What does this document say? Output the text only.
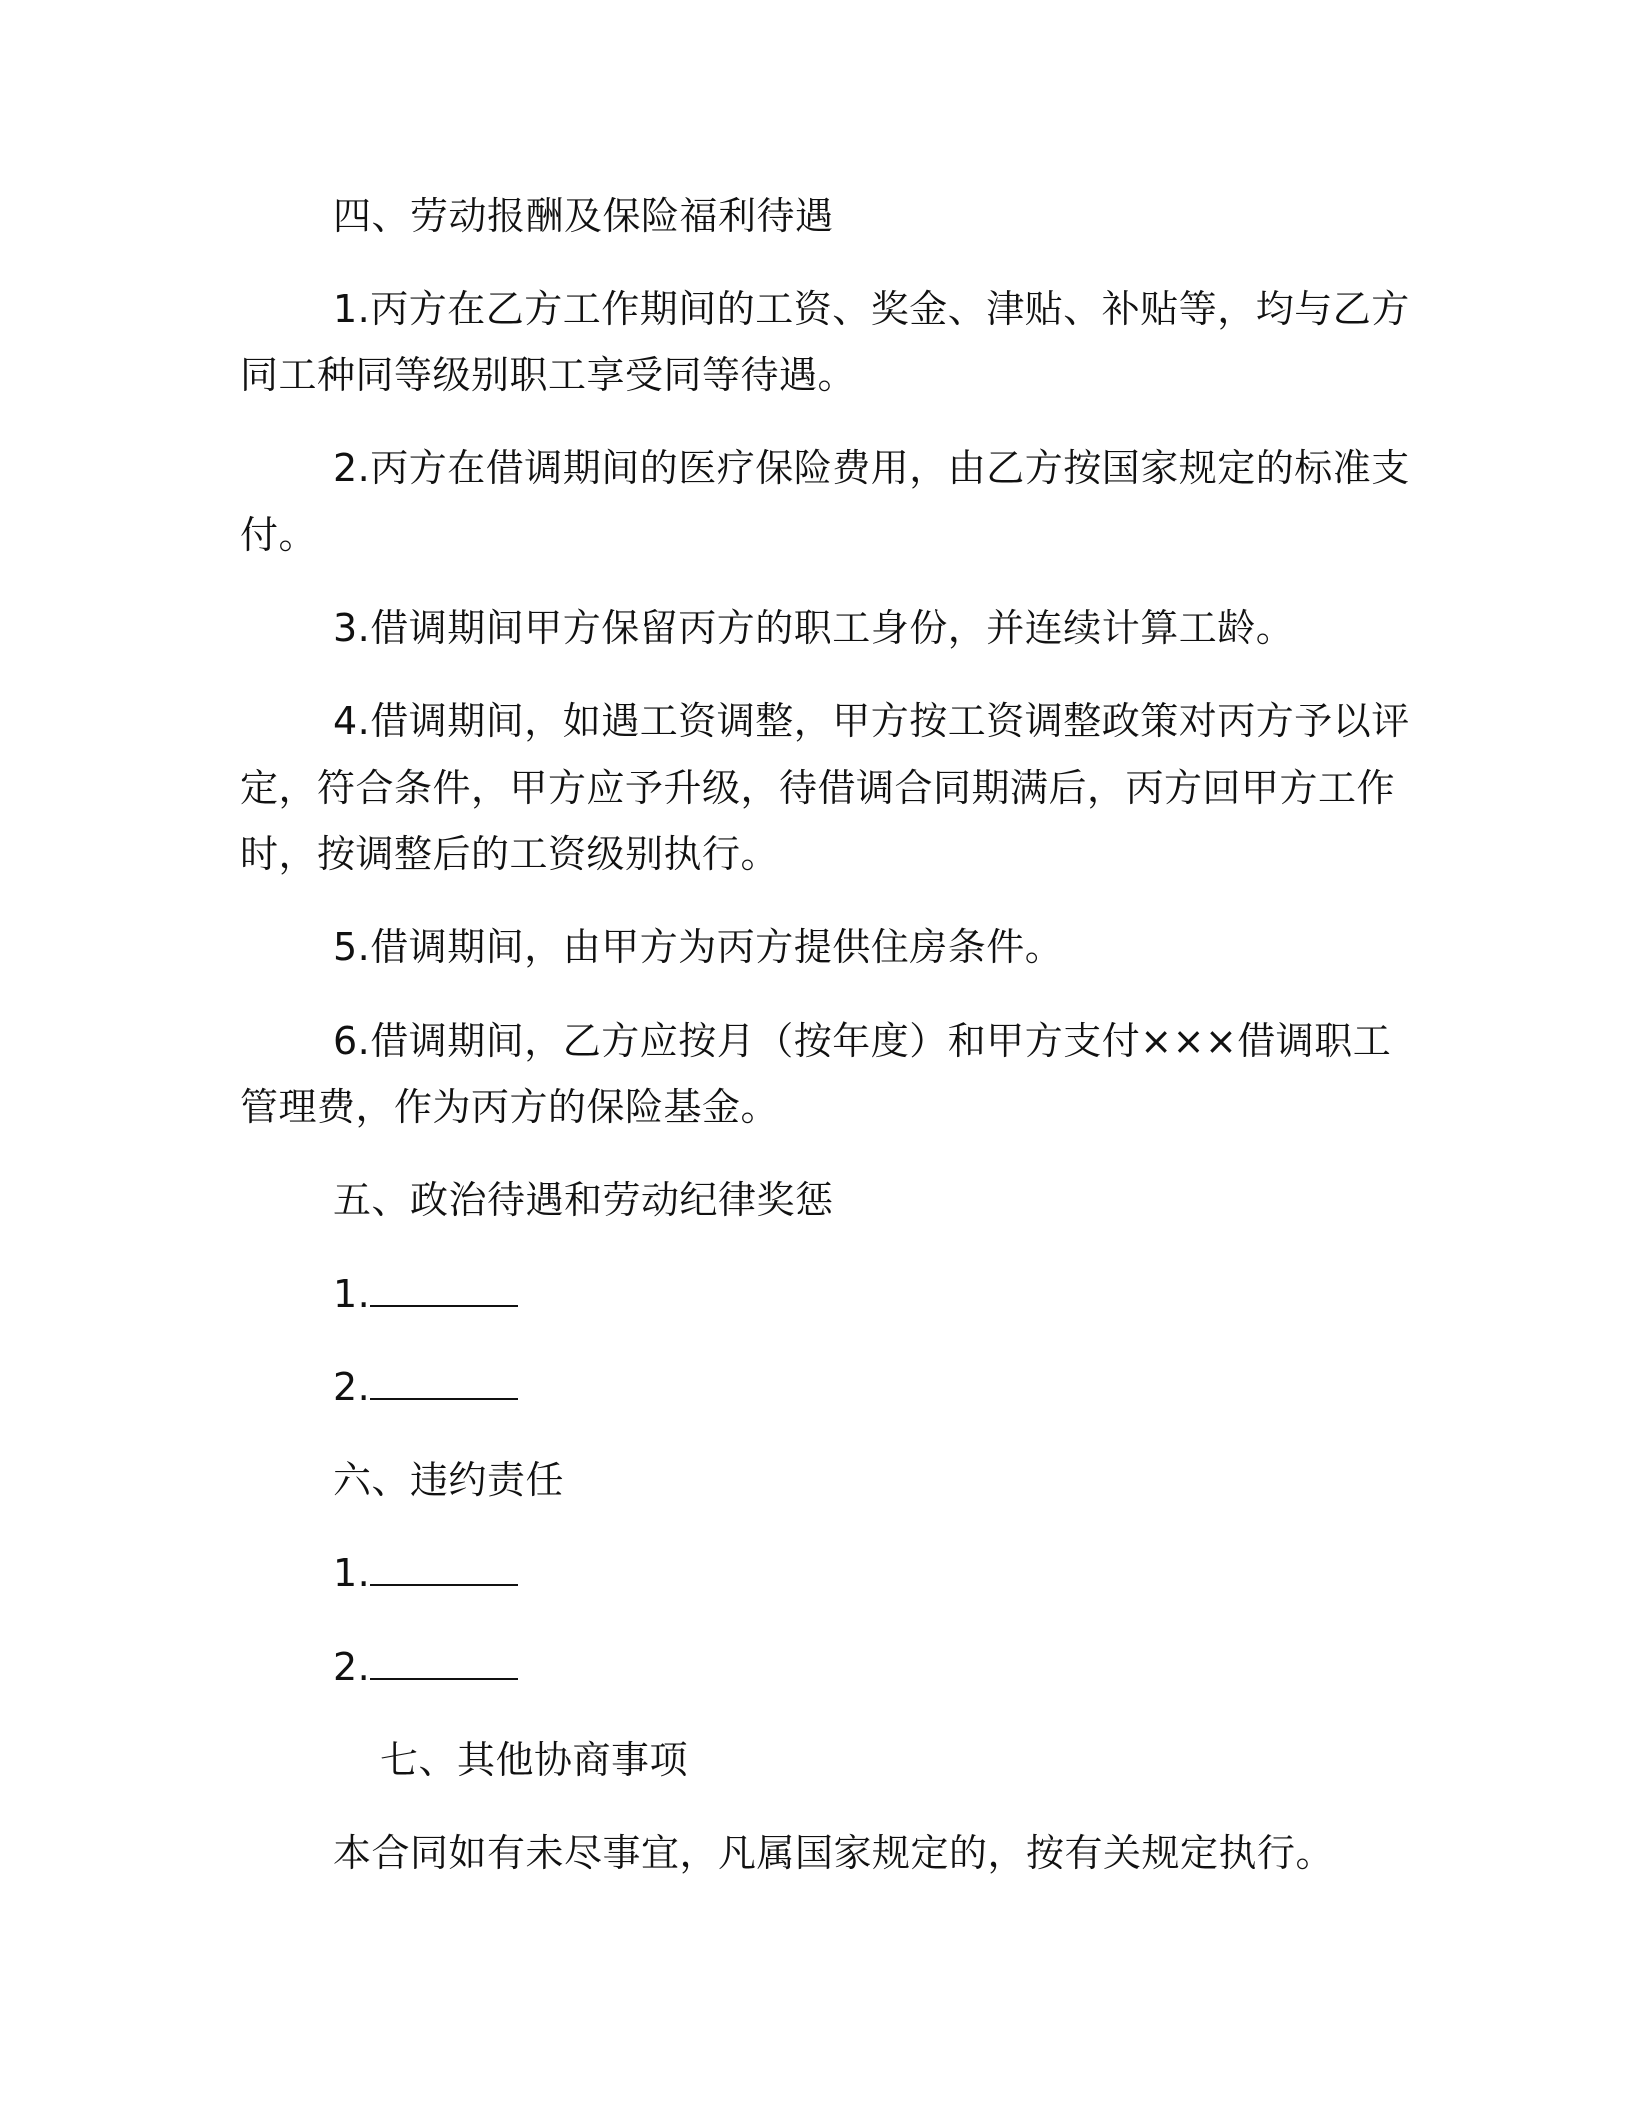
四、劳动报酬及保险福利待遇
1.丙方在乙方工作期间的工资、奖金、津贴、补贴等，均与乙方
同工种同等级别职工享受同等待遇。
2.丙方在借调期间的医疗保险费用，由乙方按国家规定的标准支
付。
3.借调期间甲方保留丙方的职工身份，并连续计算工龄。
4.借调期间，如遇工资调整，甲方按工资调整政策对丙方予以评
定，符合条件，甲方应予升级，待借调合同期满后，丙方回甲方工作
时，按调整后的工资级别执行。
5.借调期间，由甲方为丙方提供住房条件。
6.借调期间，乙方应按月（按年度）和甲方支付×××借调职工
管理费，作为丙方的保险基金。
五、政治待遇和劳动纪律奖惩
1.
2.
六、违约责任
1.
2.
七、其他协商事项
本合同如有未尽事宜，凡属国家规定的，按有关规定执行。
